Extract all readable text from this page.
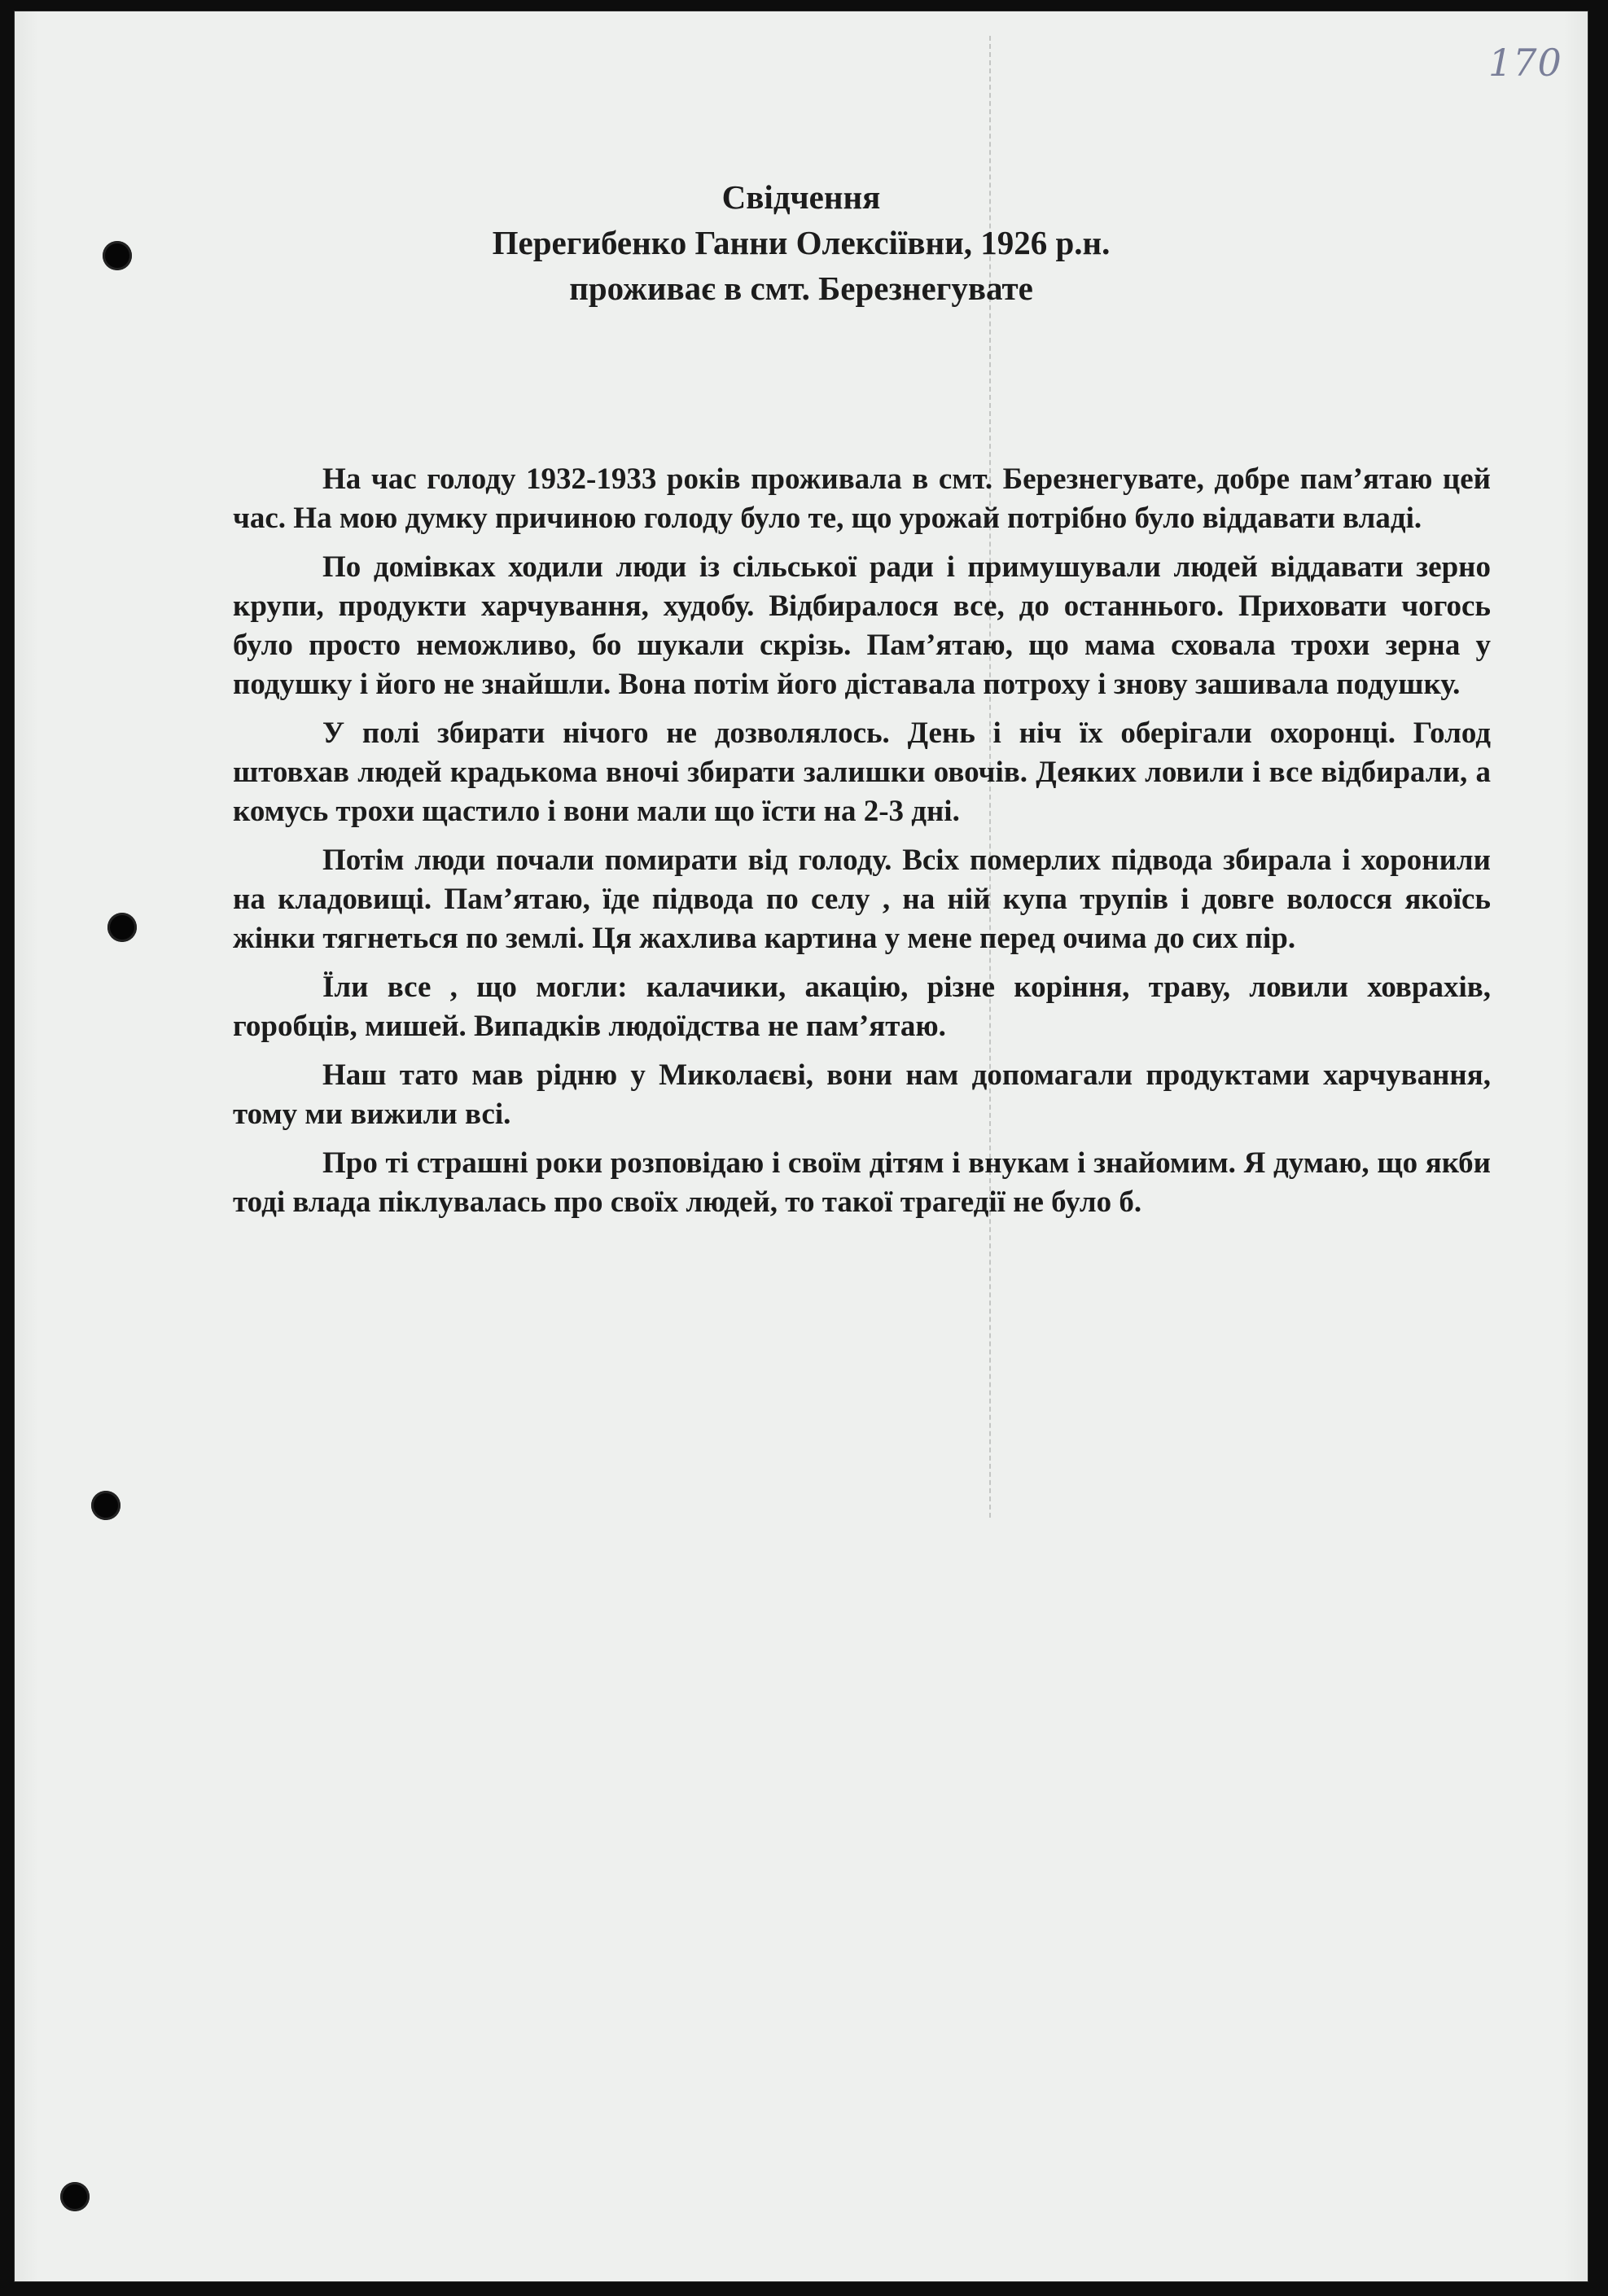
170
Свідчення
Перегибенко Ганни Олексіївни, 1926 р.н.
проживає в смт. Березнегувате

На час голоду 1932-1933 років проживала в смт. Березнегувате, добре пам’ятаю цей час. На мою думку причиною голоду було те, що урожай потрібно було віддавати владі.

По домівках ходили люди із сільської ради і примушували людей віддавати зерно крупи, продукти харчування, худобу. Відбиралося все, до останнього. Приховати чогось було просто неможливо, бо шукали скрізь. Пам’ятаю, що мама сховала трохи зерна у подушку і його не знайшли. Вона потім його діставала потроху і знову зашивала подушку.

У полі збирати нічого не дозволялось. День і ніч їх оберігали охоронці. Голод штовхав людей крадькома вночі збирати залишки овочів. Деяких ловили і все відбирали, а комусь трохи щастило і вони мали що їсти на 2-3 дні.

Потім люди почали помирати від голоду. Всіх померлих підвода збирала і хоронили на кладовищі. Пам’ятаю, їде підвода по селу , на ній купа трупів і довге волосся якоїсь жінки тягнеться по землі. Ця жахлива картина у мене перед очима до сих пір.

Їли все , що могли: калачики, акацію, різне коріння, траву, ловили ховрахів, горобців, мишей. Випадків людоїдства не пам’ятаю.

Наш тато мав рідню у Миколаєві, вони нам допомагали продуктами харчування, тому ми вижили всі.

Про ті страшні роки розповідаю і своїм дітям і внукам і знайомим. Я думаю, що якби тоді влада піклувалась про своїх людей, то такої трагедії не було б.
